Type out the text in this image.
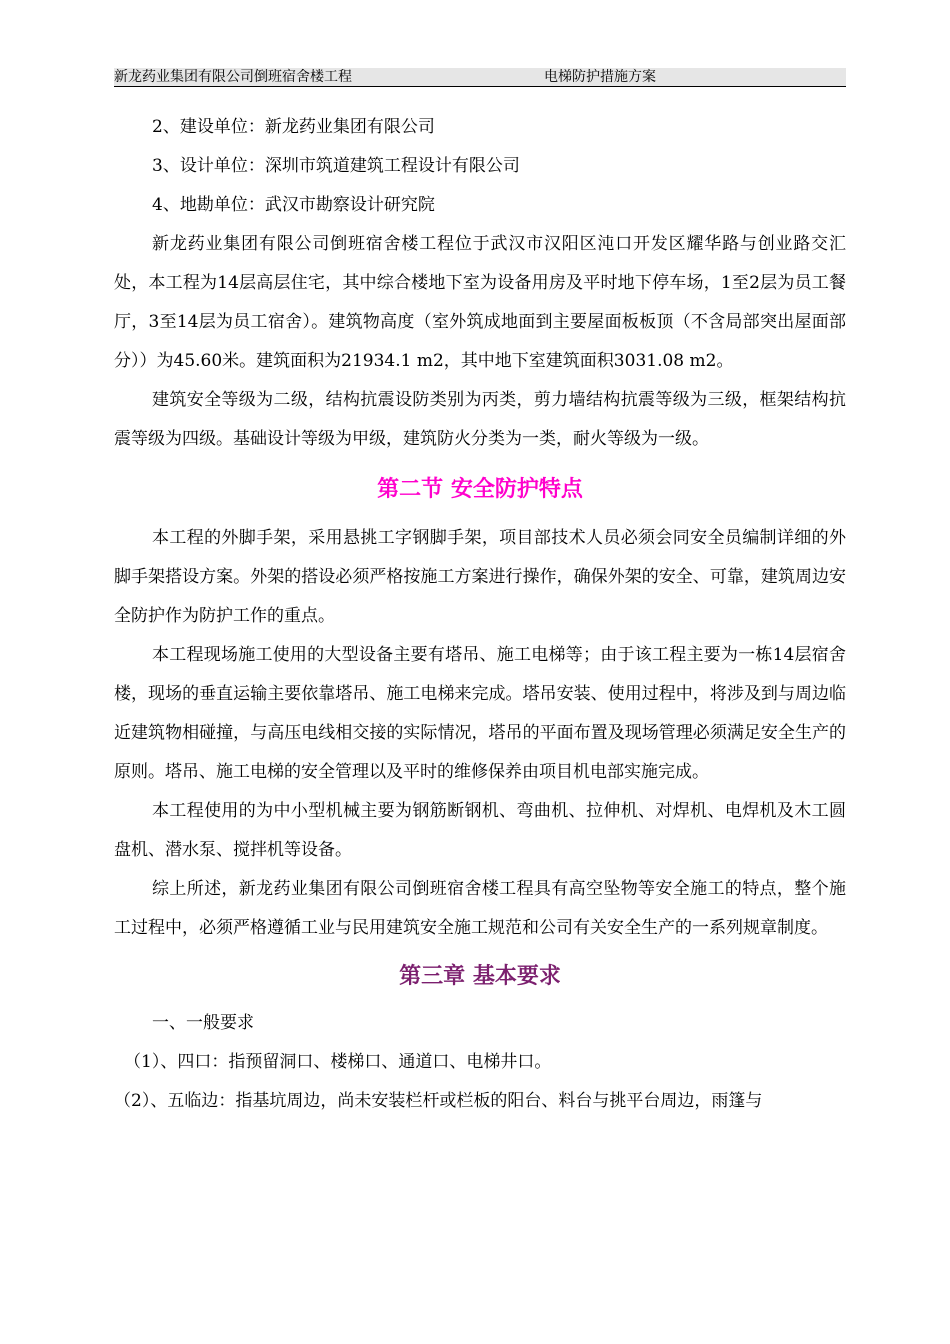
新龙药业集团有限公司倒班宿舍楼工程	电梯防护措施方案

2、建设单位：新龙药业集团有限公司

3、设计单位：深圳市筑道建筑工程设计有限公司

4、地勘单位：武汉市勘察设计研究院

新龙药业集团有限公司倒班宿舍楼工程位于武汉市汉阳区沌口开发区耀华路与创业路交汇处，本工程为14层高层住宅，其中综合楼地下室为设备用房及平时地下停车场，1至2层为员工餐厅，3至14层为员工宿舍）。建筑物高度（室外筑成地面到主要屋面板板顶（不含局部突出屋面部分））为45.60米。建筑面积为21934.1 m2，其中地下室建筑面积3031.08 m2。

建筑安全等级为二级，结构抗震设防类别为丙类，剪力墙结构抗震等级为三级，框架结构抗震等级为四级。基础设计等级为甲级，建筑防火分类为一类，耐火等级为一级。

第二节 安全防护特点

本工程的外脚手架，采用悬挑工字钢脚手架，项目部技术人员必须会同安全员编制详细的外脚手架搭设方案。外架的搭设必须严格按施工方案进行操作，确保外架的安全、可靠，建筑周边安全防护作为防护工作的重点。

本工程现场施工使用的大型设备主要有塔吊、施工电梯等；由于该工程主要为一栋14层宿舍楼，现场的垂直运输主要依靠塔吊、施工电梯来完成。塔吊安装、使用过程中，将涉及到与周边临近建筑物相碰撞，与高压电线相交接的实际情况，塔吊的平面布置及现场管理必须满足安全生产的原则。塔吊、施工电梯的安全管理以及平时的维修保养由项目机电部实施完成。

本工程使用的为中小型机械主要为钢筋断钢机、弯曲机、拉伸机、对焊机、电焊机及木工圆盘机、潜水泵、搅拌机等设备。

综上所述，新龙药业集团有限公司倒班宿舍楼工程具有高空坠物等安全施工的特点，整个施工过程中，必须严格遵循工业与民用建筑安全施工规范和公司有关安全生产的一系列规章制度。

第三章 基本要求

一、一般要求

（1）、四口：指预留洞口、楼梯口、通道口、电梯井口。

（2）、五临边：指基坑周边，尚未安装栏杆或栏板的阳台、料台与挑平台周边，雨篷与
